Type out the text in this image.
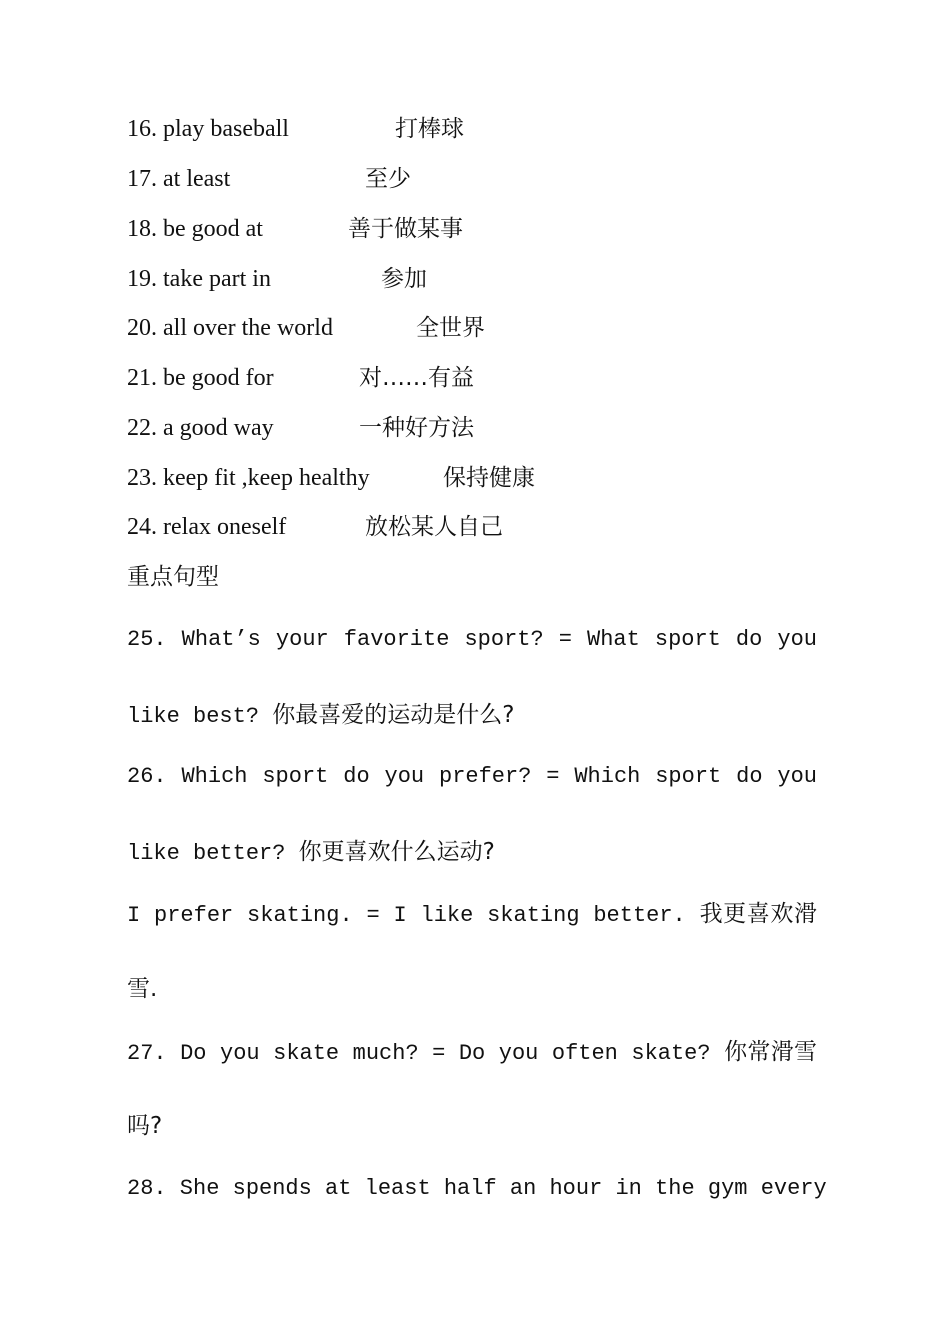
16. play baseball	打棒球
17. at least	至少
18. be good at	善于做某事
19. take part in	参加
20. all over the world	全世界
21. be good for	对……有益
22. a good way	一种好方法
23. keep fit ,keep healthy	保持健康
24. relax oneself	放松某人自己
重点句型
25. What’s your favorite sport? = What sport do you
like best? 你最喜爱的运动是什么?
26. Which sport do you prefer? = Which sport do you
like better? 你更喜欢什么运动?
I prefer skating. = I like skating better. 我更喜欢滑
雪.
27. Do you skate much? = Do you often skate? 你常滑雪
吗?
28. She spends at least half an hour in the gym every
